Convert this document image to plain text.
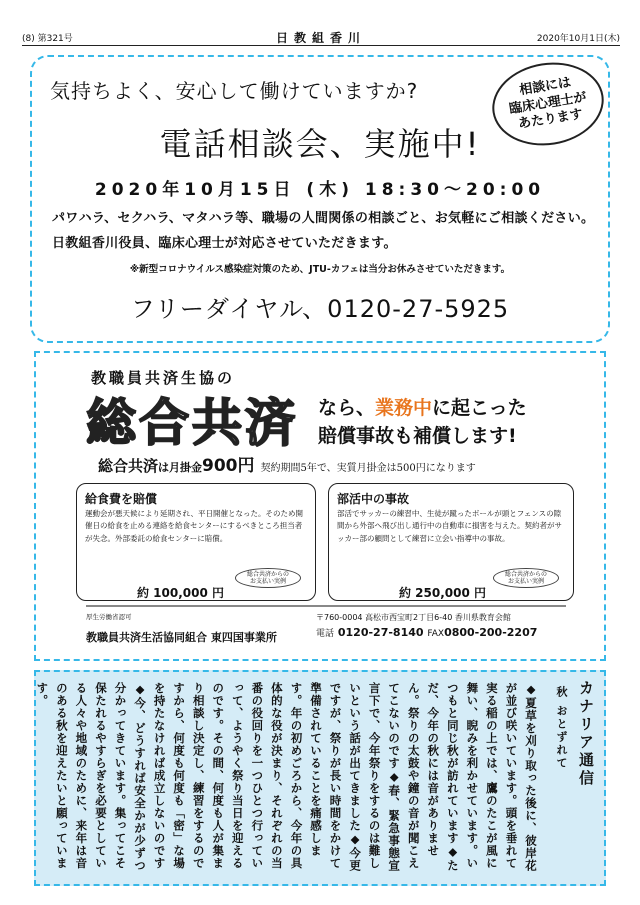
(8) 第321号	日教組香川	2020年10月1日(木)
気持ちよく、安心して働けていますか?	相談には
臨床心理士が
あたります
電話相談会、実施中!
2020年10月15日 (木) 18:30〜20:00
パワハラ、セクハラ、マタハラ等、職場の人間関係の相談ごと、お気軽にご相談ください。日教組香川役員、臨床心理士が対応させていただきます。
※新型コロナウイルス感染症対策のため、JTU-カフェは当分お休みさせていただきます。
フリーダイヤル、0120-27-5925
教職員共済生協の
総合共済 なら、業務中に起こった
賠償事故も補償します!
総合共済は月掛金900円 契約期間5年で、実質月掛金は500円になります
給食費を賠償
運動会が悪天候により延期され、平日開催となった。そのため開催日の給食を止める連絡を給食センターにするべきところ担当者が失念。外部委託の給食センターに賠償。
総合共済からの
お支払い実例
約 100,000 円
部活中の事故
部活でサッカーの練習中、生徒が蹴ったボールが頭とフェンスの隙間から外部へ飛び出し通行中の自動車に損害を与えた。契約者がサッカー部の顧問として練習に立会い指導中の事故。
総合共済からの
お支払い実例
約 250,000 円
厚生労働省認可
教職員共済生活協同組合 東四国事業所
〒760-0004 高松市西宝町2丁目6-40 香川県教育会館
電話 0120-27-8140 FAX0800-200-2207
カナリア通信
秋 おとずれて
◆夏草を刈り取った後に、彼岸花が並び咲いています。頭を垂れて実る稲の上では、鷹のたこが風に舞い、睨みを利かせています。いつもと同じ秋が訪れています◆ただ、今年の秋には音がありません。祭りの太鼓や鐘の音が聞こえてこないのです◆春、緊急事態宣言下で、今年祭りをするのは難しいという話が出てきました◆今更ですが、祭りが長い時間をかけて準備されていることを痛感します。年の初めごろから、今年の具体的な役が決まり、それぞれの当番の役回りを一つひとつ行っていって、ようやく祭り当日を迎えるのです。その間、何度も人が集まり相談し決定し、練習をするのですから、何度も何度も「密」な場を持たなければ成立しないのです◆今、どうすれば安全かが少ずつ分かってきています。集ってこそ保たれるやすらぎを必要としている人々や地域のために、来年は音のある秋を迎えたいと願っています。
